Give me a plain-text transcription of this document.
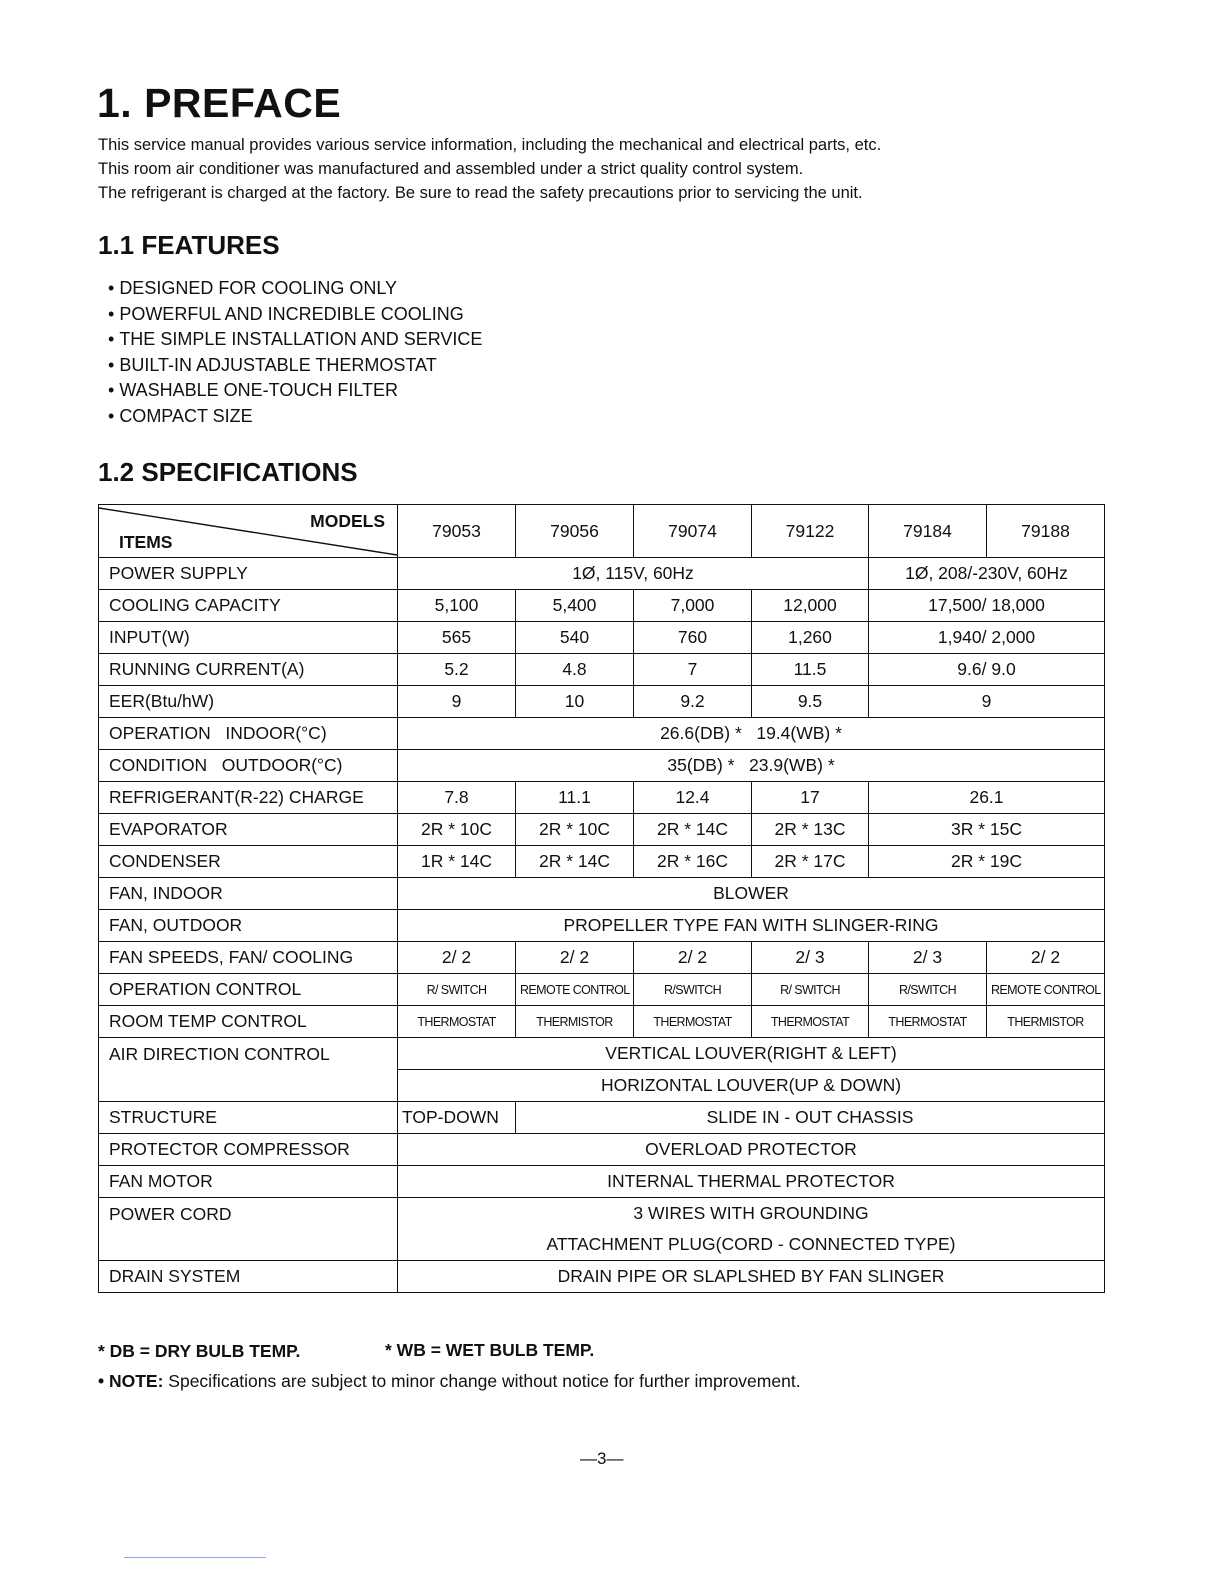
1. PREFACE

This service manual provides various service information, including the mechanical and electrical parts, etc.

This room air conditioner was manufactured and assembled under a strict quality control system.

The refrigerant is charged at the factory. Be sure to read the safety precautions prior to servicing the unit.

1.1 FEATURES
• DESIGNED FOR COOLING ONLY
• POWERFUL AND INCREDIBLE COOLING
• THE SIMPLE INSTALLATION AND SERVICE
• BUILT-IN ADJUSTABLE THERMOSTAT
• WASHABLE ONE-TOUCH FILTER
• COMPACT SIZE
1.2 SPECIFICATIONS
MODELS
ITEMS	79053	79056	79074	79122	79184	79188
POWER SUPPLY	1Ø, 115V, 60Hz				1Ø, 208/-230V, 60Hz	
COOLING CAPACITY	5,100	5,400	7,000	12,000	17,500/ 18,000	
INPUT(W)	565	540	760	1,260	1,940/ 2,000	
RUNNING CURRENT(A)	5.2	4.8	7	11.5	9.6/ 9.0	
EER(Btu/hW)	9	10	9.2	9.5	9	
OPERATION   INDOOR(°C)	26.6(DB) *   19.4(WB) *					
CONDITION   OUTDOOR(°C)	35(DB) *   23.9(WB) *					
REFRIGERANT(R-22) CHARGE	7.8	11.1	12.4	17	26.1	
EVAPORATOR	2R * 10C	2R * 10C	2R * 14C	2R * 13C	3R * 15C	
CONDENSER	1R * 14C	2R * 14C	2R * 16C	2R * 17C	2R * 19C	
FAN, INDOOR	BLOWER					
FAN, OUTDOOR	PROPELLER TYPE FAN WITH SLINGER-RING					
FAN SPEEDS, FAN/ COOLING	2/ 2	2/ 2	2/ 2	2/ 3	2/ 3	2/ 2
OPERATION CONTROL	R/ SWITCH	REMOTE CONTROL	R/SWITCH	R/ SWITCH	R/SWITCH	REMOTE CONTROL
ROOM TEMP CONTROL	THERMOSTAT	THERMISTOR	THERMOSTAT	THERMOSTAT	THERMOSTAT	THERMISTOR
AIR DIRECTION CONTROL	VERTICAL LOUVER(RIGHT & LEFT)					
	HORIZONTAL LOUVER(UP & DOWN)					
STRUCTURE	TOP-DOWN	SLIDE IN - OUT CHASSIS				
PROTECTOR COMPRESSOR	OVERLOAD PROTECTOR					
FAN MOTOR	INTERNAL THERMAL PROTECTOR					
POWER CORD	3 WIRES WITH GROUNDING					
	ATTACHMENT PLUG(CORD - CONNECTED TYPE)					
DRAIN SYSTEM	DRAIN PIPE OR SLAPLSHED BY FAN SLINGER					
* DB = DRY BULB TEMP.	* WB = WET BULB TEMP.
• NOTE: Specifications are subject to minor change without notice for further improvement.
—3—
